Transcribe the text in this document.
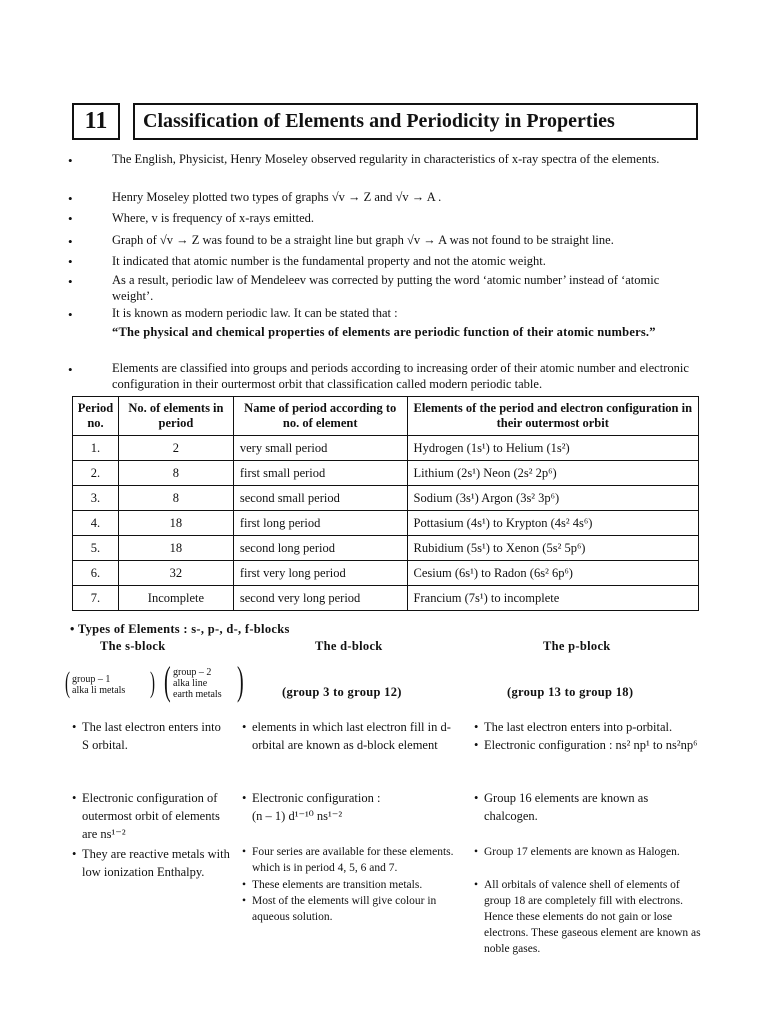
11	Classification of Elements and Periodicity in Properties
•	The English, Physicist, Henry Moseley observed regularity in characteristics of x-ray spectra of the elements.
•	Henry Moseley plotted two types of graphs √v → Z and √v → A .
•	Where, v is frequency of x-rays emitted.
•	Graph of √v → Z was found to be a straight line but graph √v → A was not found to be straight line.
•	It indicated that atomic number is the fundamental property and not the atomic weight.
•	As a result, periodic law of Mendeleev was corrected by putting the word ‘atomic number’ instead of ‘atomic weight’.
•	It is known as modern periodic law. It can be stated that :
“The physical and chemical properties of elements are periodic function of their atomic numbers.”
•	Elements are classified into groups and periods according to increasing order of their atomic number and electronic configuration in their ourtermost orbit that classification called modern periodic table.
Period no.	No. of elements in period	Name of period according to no. of element	Elements of the period and electron configuration in their outermost orbit
1.	2	very small period	Hydrogen (1s¹) to Helium (1s²)
2.	8	first small period	Lithium (2s¹) Neon (2s² 2p⁶)
3.	8	second small period	Sodium (3s¹) Argon (3s² 3p⁶)
4.	18	first long period	Pottasium (4s¹) to Krypton (4s² 4s⁶)
5.	18	second long period	Rubidium (5s¹) to Xenon (5s² 5p⁶)
6.	32	first very long period	Cesium (6s¹) to Radon (6s² 6p⁶)
7.	Incomplete	second very long period	Francium (7s¹) to incomplete
• Types of Elements : s-, p-, d-, f-blocks
The s-block	The d-block	The p-block
( group – 1
alka li metals ) ( group – 2
alka line
earth metals )	(group 3 to group 12)	(group 13 to group 18)
• The last electron enters into S orbital.
• Electronic configuration of outermost orbit of elements are ns¹⁻²
• They are reactive metals with low ionization Enthalpy.
• elements in which last electron fill in d-orbital are known as d-block element
• Electronic configuration :
(n – 1) d¹⁻¹⁰ ns¹⁻²
• Four series are available for these elements. which is in period 4, 5, 6 and 7.
• These elements are transition metals.
• Most of the elements will give colour in aqueous solution.
• The last electron enters into p-orbital.
• Electronic configuration : ns² np¹ to ns²np⁶
• Group 16 elements are known as chalcogen.
• Group 17 elements are known as Halogen.
• All orbitals of valence shell of elements of group 18 are completely fill with electrons. Hence these elements do not gain or lose electrons. These gaseous element are known as noble gases.
